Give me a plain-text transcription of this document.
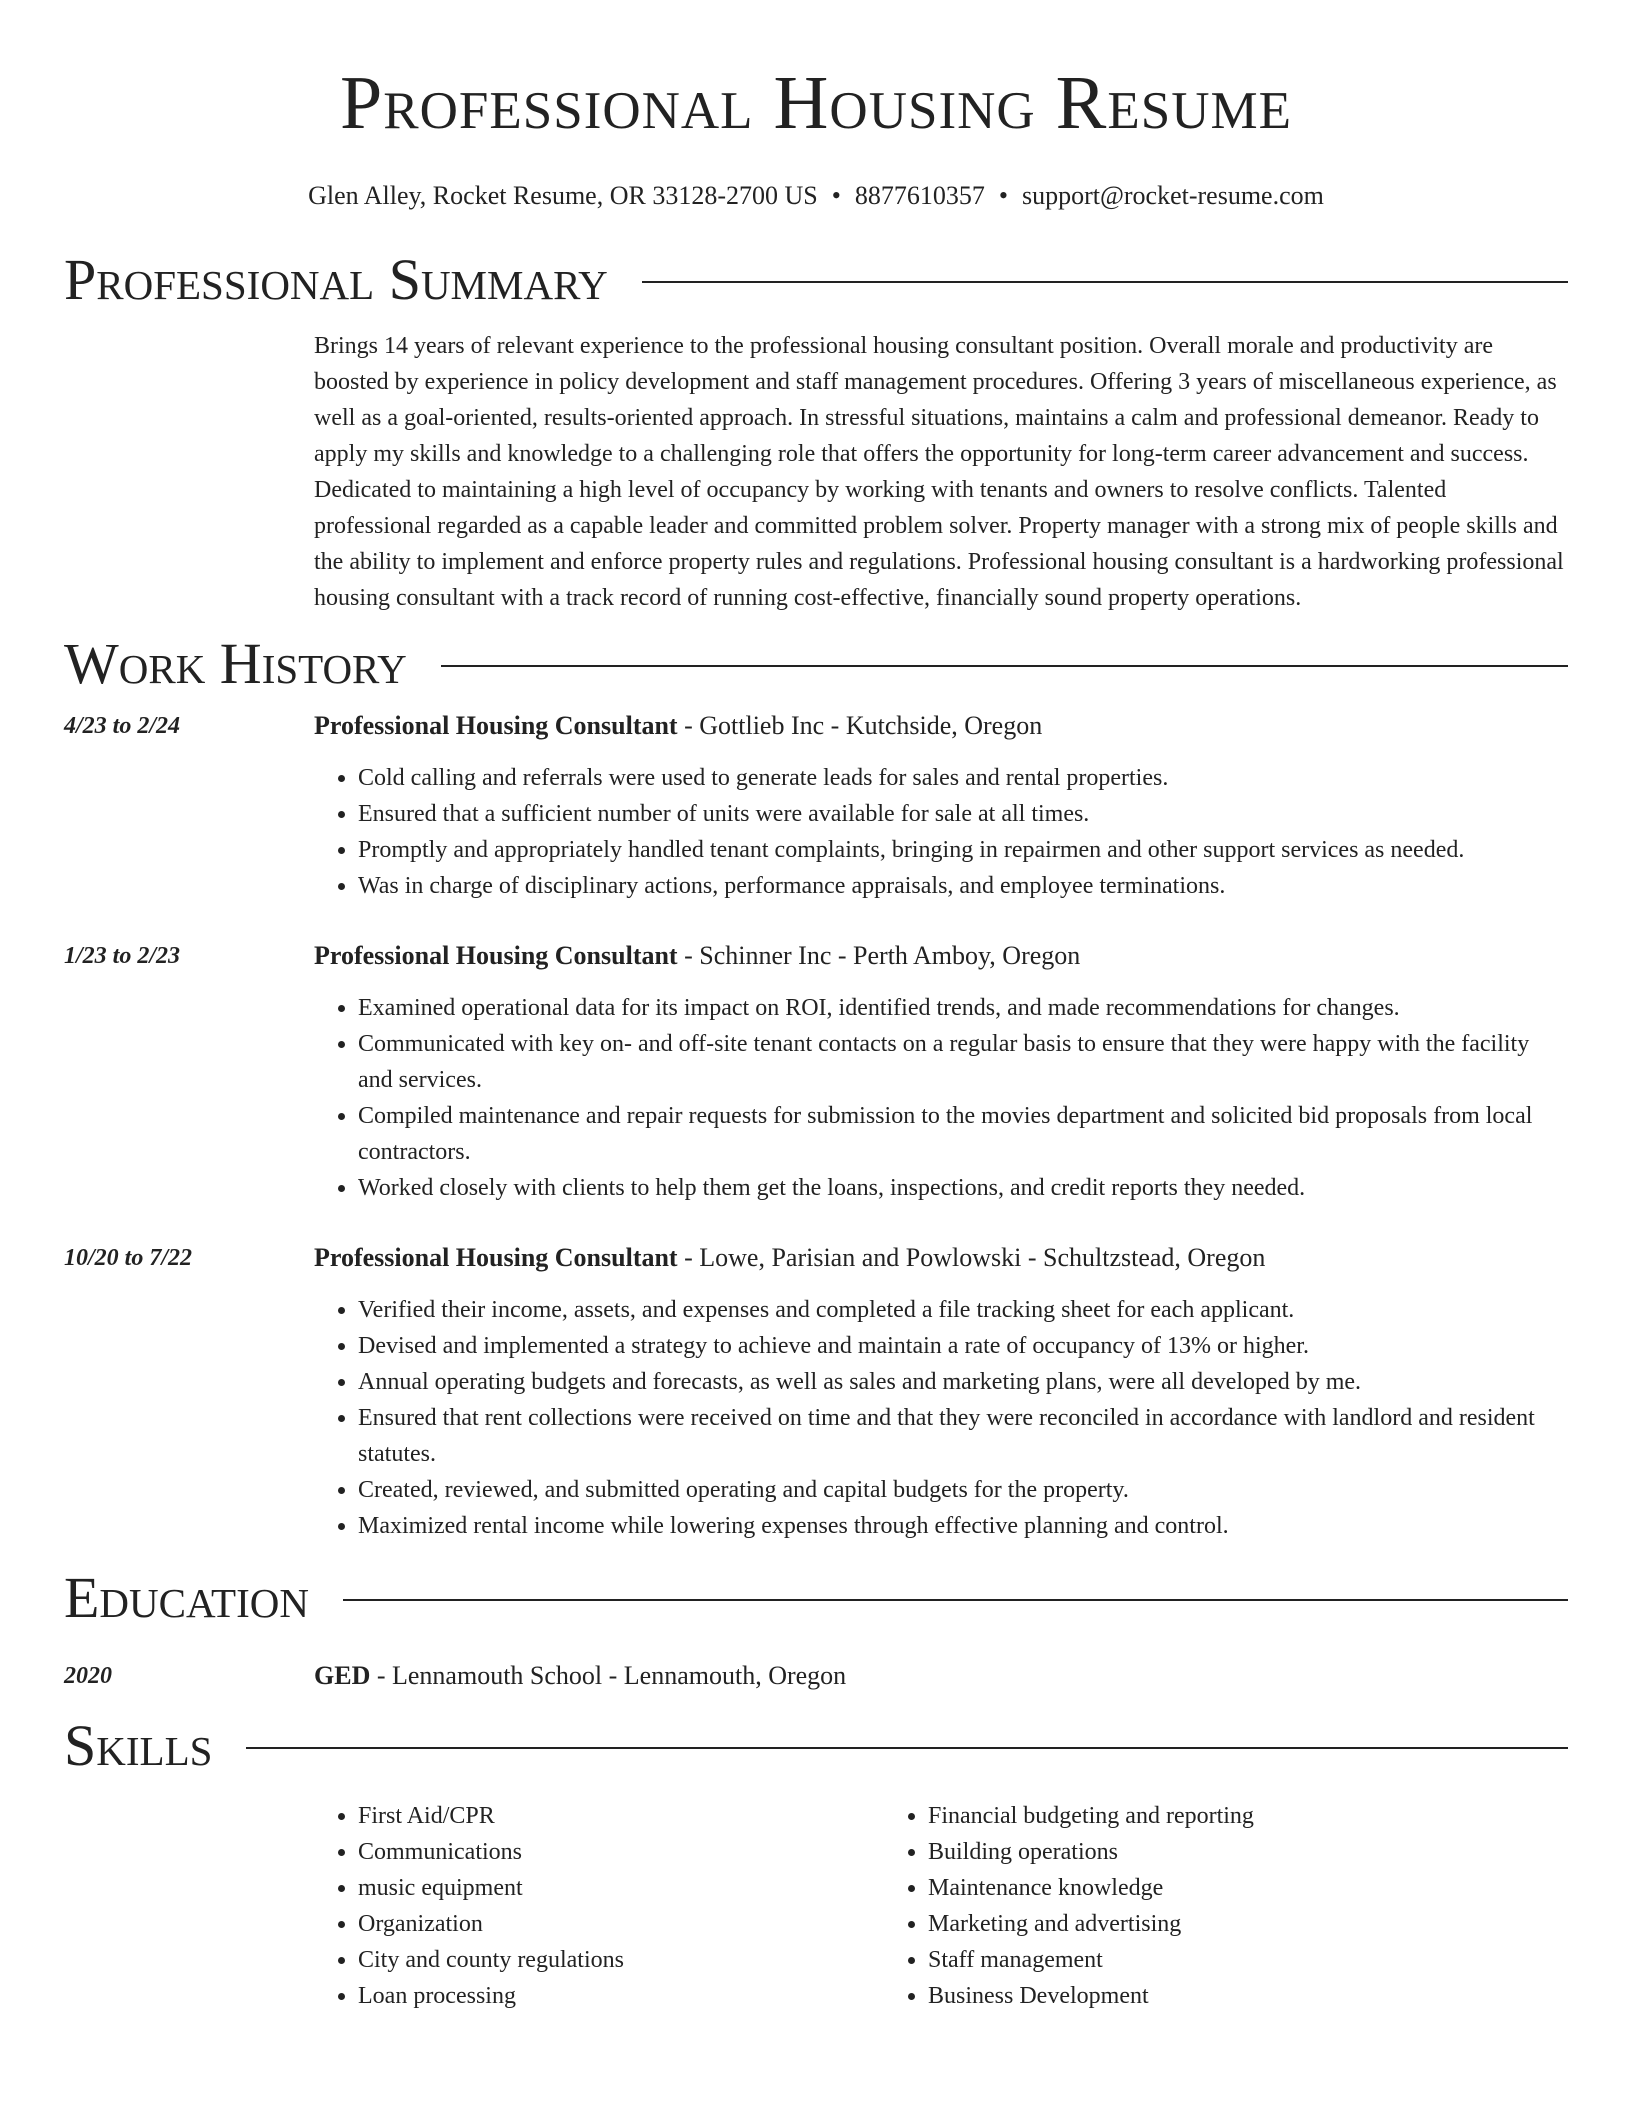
Professional Housing Resume
Glen Alley, Rocket Resume, OR 33128-2700 US • 8877610357 • support@rocket-resume.com
Professional Summary
Brings 14 years of relevant experience to the professional housing consultant position. Overall morale and productivity are boosted by experience in policy development and staff management procedures. Offering 3 years of miscellaneous experience, as well as a goal-oriented, results-oriented approach. In stressful situations, maintains a calm and professional demeanor. Ready to apply my skills and knowledge to a challenging role that offers the opportunity for long-term career advancement and success. Dedicated to maintaining a high level of occupancy by working with tenants and owners to resolve conflicts. Talented professional regarded as a capable leader and committed problem solver. Property manager with a strong mix of people skills and the ability to implement and enforce property rules and regulations. Professional housing consultant is a hardworking professional housing consultant with a track record of running cost-effective, financially sound property operations.
Work History
4/23 to 2/24	Professional Housing Consultant - Gottlieb Inc - Kutchside, Oregon
• Cold calling and referrals were used to generate leads for sales and rental properties.
• Ensured that a sufficient number of units were available for sale at all times.
• Promptly and appropriately handled tenant complaints, bringing in repairmen and other support services as needed.
• Was in charge of disciplinary actions, performance appraisals, and employee terminations.
1/23 to 2/23	Professional Housing Consultant - Schinner Inc - Perth Amboy, Oregon
• Examined operational data for its impact on ROI, identified trends, and made recommendations for changes.
• Communicated with key on- and off-site tenant contacts on a regular basis to ensure that they were happy with the facility and services.
• Compiled maintenance and repair requests for submission to the movies department and solicited bid proposals from local contractors.
• Worked closely with clients to help them get the loans, inspections, and credit reports they needed.
10/20 to 7/22	Professional Housing Consultant - Lowe, Parisian and Powlowski - Schultzstead, Oregon
• Verified their income, assets, and expenses and completed a file tracking sheet for each applicant.
• Devised and implemented a strategy to achieve and maintain a rate of occupancy of 13% or higher.
• Annual operating budgets and forecasts, as well as sales and marketing plans, were all developed by me.
• Ensured that rent collections were received on time and that they were reconciled in accordance with landlord and resident statutes.
• Created, reviewed, and submitted operating and capital budgets for the property.
• Maximized rental income while lowering expenses through effective planning and control.
Education
2020	GED - Lennamouth School - Lennamouth, Oregon
Skills
• First Aid/CPR
• Communications
• music equipment
• Organization
• City and county regulations
• Loan processing
• Financial budgeting and reporting
• Building operations
• Maintenance knowledge
• Marketing and advertising
• Staff management
• Business Development
